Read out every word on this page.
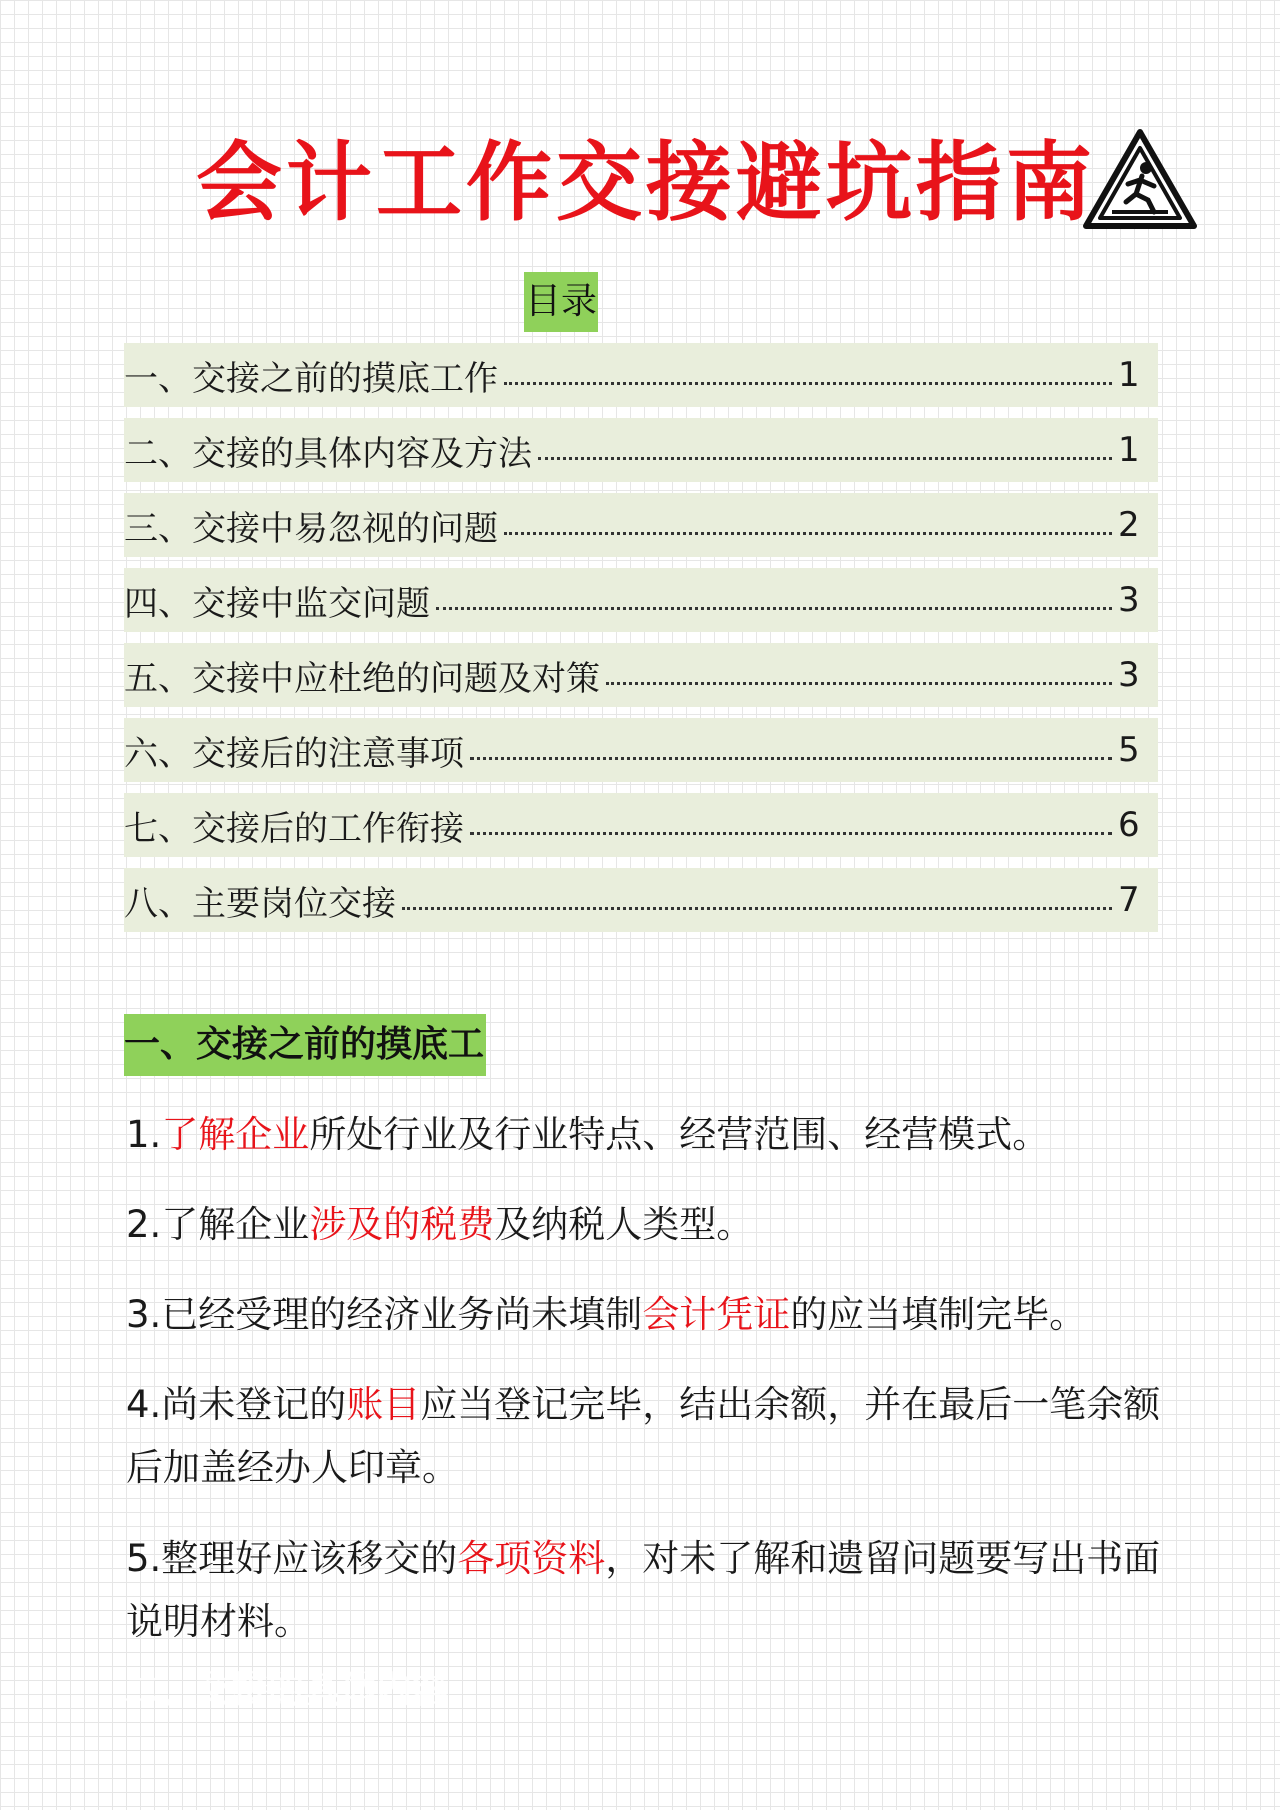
会计工作交接避坑指南
目录
一、交接之前的摸底工作	1
二、交接的具体内容及方法	1
三、交接中易忽视的问题	2
四、交接中监交问题	3
五、交接中应杜绝的问题及对策	3
六、交接后的注意事项	5
七、交接后的工作衔接	6
八、主要岗位交接	7
一、交接之前的摸底工
1.了解企业所处行业及行业特点、经营范围、经营模式。
2.了解企业涉及的税费及纳税人类型。
3.已经受理的经济业务尚未填制会计凭证的应当填制完毕。
4.尚未登记的账目应当登记完毕，结出余额，并在最后一笔余额后加盖经办人印章。
5.整理好应该移交的各项资料，对未了解和遗留问题要写出书面说明材料。
二、交接的具体内容
